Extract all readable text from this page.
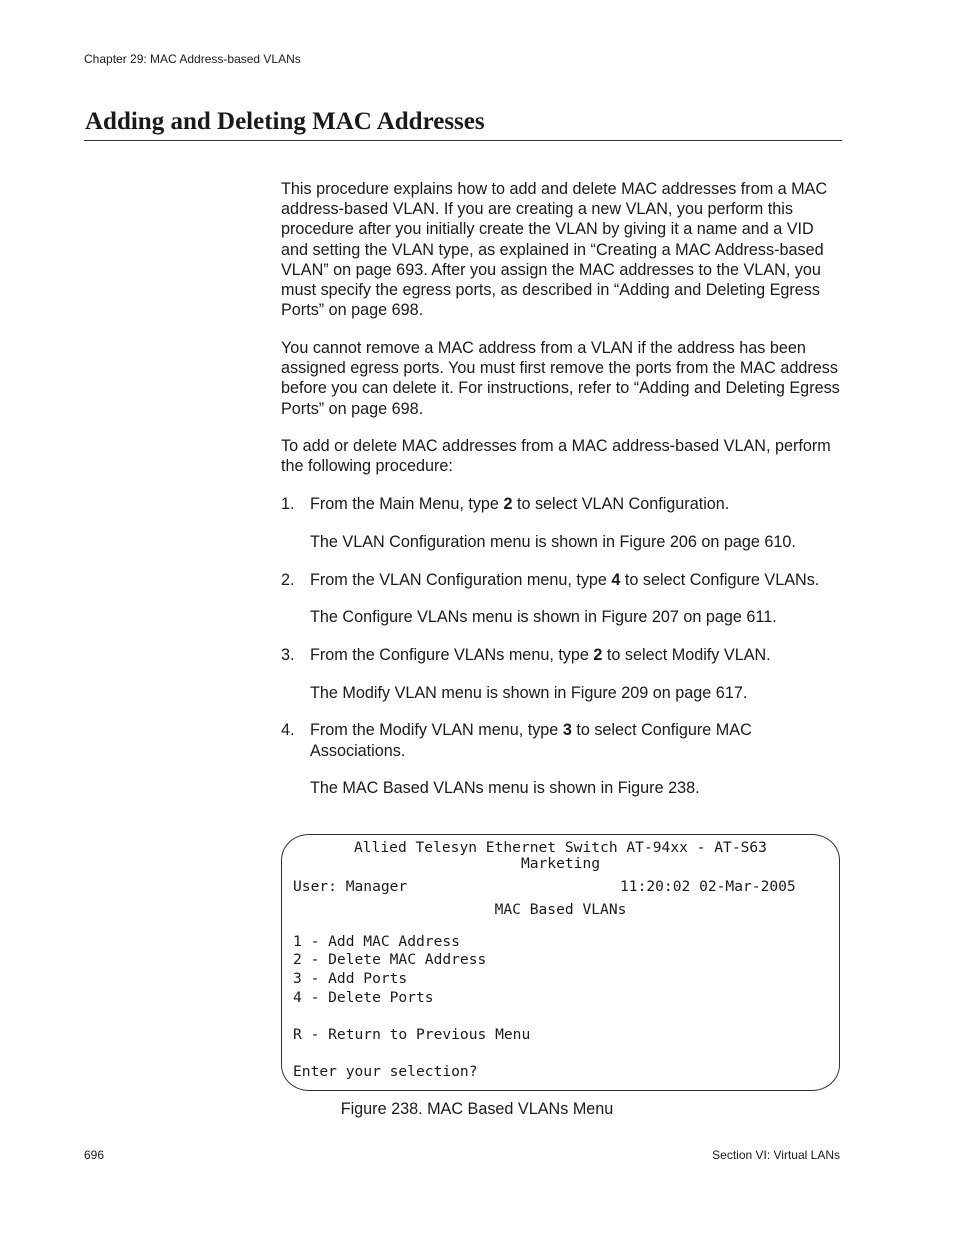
Chapter 29: MAC Address-based VLANs
Adding and Deleting MAC Addresses

This procedure explains how to add and delete MAC addresses from a MAC address-based VLAN. If you are creating a new VLAN, you perform this procedure after you initially create the VLAN by giving it a name and a VID and setting the VLAN type, as explained in “Creating a MAC Address-based VLAN” on page 693. After you assign the MAC addresses to the VLAN, you must specify the egress ports, as described in “Adding and Deleting Egress Ports” on page 698.

You cannot remove a MAC address from a VLAN if the address has been assigned egress ports. You must first remove the ports from the MAC address before you can delete it. For instructions, refer to “Adding and Deleting Egress Ports” on page 698.

To add or delete MAC addresses from a MAC address-based VLAN, perform the following procedure:

1. From the Main Menu, type 2 to select VLAN Configuration.
The VLAN Configuration menu is shown in Figure 206 on page 610.
2. From the VLAN Configuration menu, type 4 to select Configure VLANs.
The Configure VLANs menu is shown in Figure 207 on page 611.
3. From the Configure VLANs menu, type 2 to select Modify VLAN.
The Modify VLAN menu is shown in Figure 209 on page 617.
4. From the Modify VLAN menu, type 3 to select Configure MAC Associations.
The MAC Based VLANs menu is shown in Figure 238.

Allied Telesyn Ethernet Switch AT-94xx - AT-S63

Marketing

User: Manager

	11:20:02 02-Mar-2005

MAC Based VLANs

1 - Add MAC Address

2 - Delete MAC Address

3 - Add Ports

4 - Delete Ports

R - Return to Previous Menu

Enter your selection?

Figure 238. MAC Based VLANs Menu
696	Section VI: Virtual LANs
